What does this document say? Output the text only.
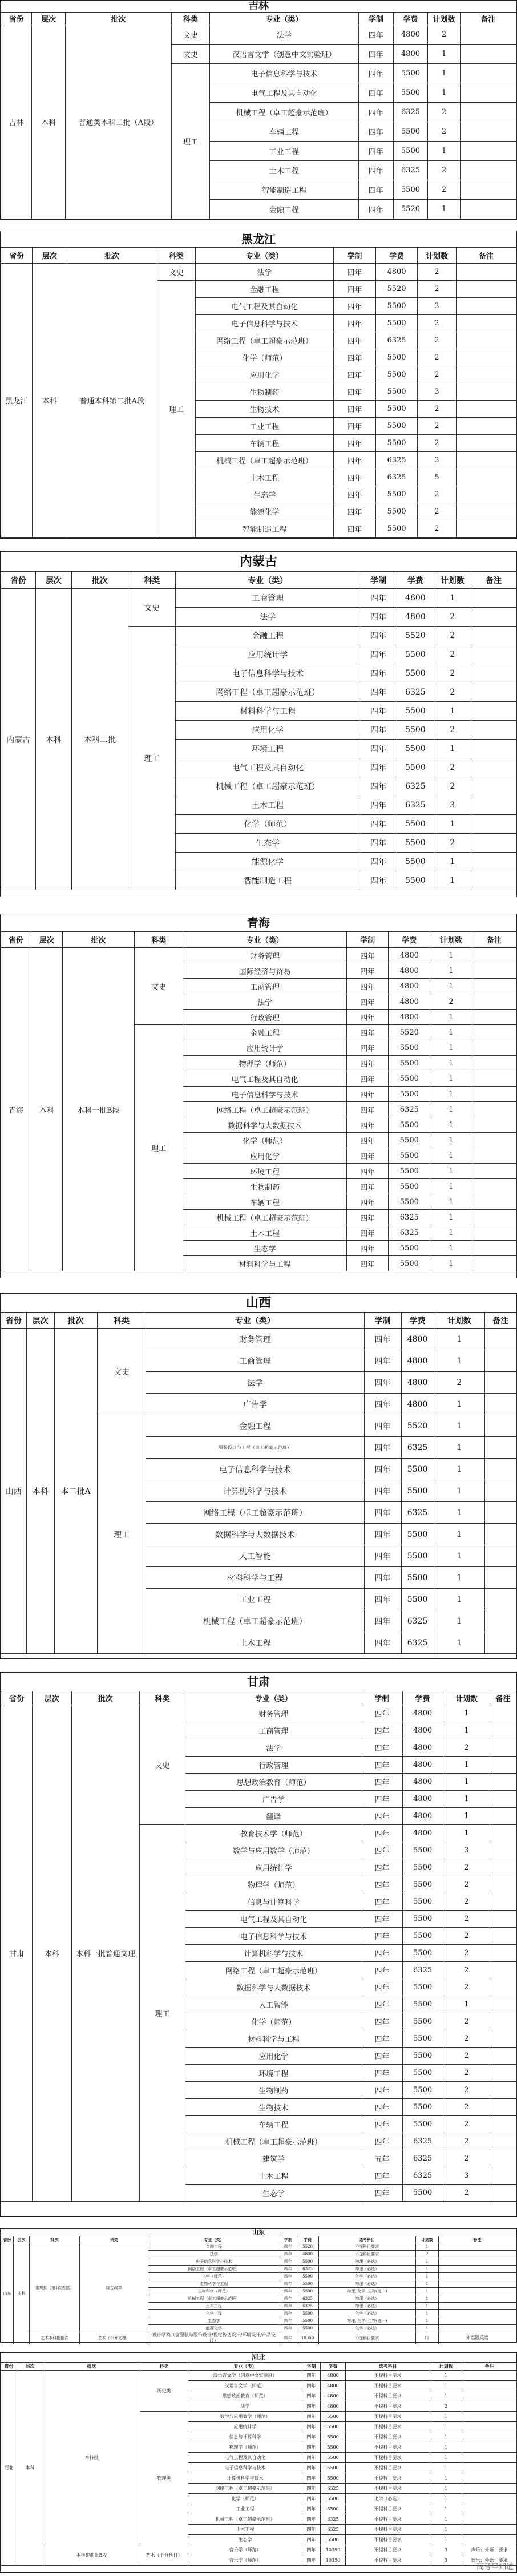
吉林
省份	层次	批次	科类	专业（类）	学制	学费	计划数	备注
吉林	本科	普通类本科二批（A段）	文史	法学	四年	4800	2	
			文史	汉语言文学（创意中文实验班）	四年	4800	1	
			理工	电子信息科学与技术	四年	5500	1	
				电气工程及其自动化	四年	5500	1	
				机械工程（卓工超豪示范班）	四年	6325	2	
				车辆工程	四年	5500	2	
				工业工程	四年	5500	1	
				土木工程	四年	6325	2	
				智能制造工程	四年	5500	2	
				金融工程	四年	5520	1	
黑龙江
省份	层次	批次	科类	专业（类）	学制	学费	计划数	备注
黑龙江	本科	普通本科第二批A段	文史	法学	四年	4800	2	
			理工	金融工程	四年	5520	2	
				电气工程及其自动化	四年	5500	3	
				电子信息科学与技术	四年	5500	2	
				网络工程（卓工超豪示范班）	四年	6325	2	
				化学（师范）	四年	5500	2	
				应用化学	四年	5500	2	
				生物制药	四年	5500	3	
				生物技术	四年	5500	2	
				工业工程	四年	5500	2	
				车辆工程	四年	5500	2	
				机械工程（卓工超豪示范班）	四年	6325	3	
				土木工程	四年	6325	5	
				生态学	四年	5500	2	
				能源化学	四年	5500	2	
				智能制造工程	四年	5500	2	
内蒙古
省份	层次	批次	科类	专业（类）	学制	学费	计划数	备注
内蒙古	本科	本科二批	文史	工商管理	四年	4800	1	
				法学	四年	4800	2	
			理工	金融工程	四年	5520	2	
				应用统计学	四年	5500	2	
				电子信息科学与技术	四年	5500	2	
				网络工程（卓工超豪示范班）	四年	6325	2	
				材料科学与工程	四年	5500	1	
				应用化学	四年	5500	2	
				环境工程	四年	5500	1	
				电气工程及其自动化	四年	5500	2	
				机械工程（卓工超豪示范班）	四年	6325	2	
				土木工程	四年	6325	3	
				化学（师范）	四年	5500	1	
				生态学	四年	5500	2	
				能源化学	四年	5500	1	
				智能制造工程	四年	5500	1	
青海
省份	层次	批次	科类	专业（类）	学制	学费	计划数	备注
青海	本科	本科一批B段	文史	财务管理	四年	4800	1	
				国际经济与贸易	四年	4800	1	
				工商管理	四年	4800	1	
				法学	四年	4800	2	
				行政管理	四年	4800	1	
			理工	金融工程	四年	5520	1	
				应用统计学	四年	5500	1	
				物理学（师范）	四年	5500	1	
				电气工程及其自动化	四年	5500	1	
				电子信息科学与技术	四年	5500	1	
				网络工程（卓工超豪示范班）	四年	6325	1	
				数据科学与大数据技术	四年	5500	1	
				化学（师范）	四年	5500	1	
				应用化学	四年	5500	1	
				环境工程	四年	5500	1	
				生物制药	四年	5500	1	
				车辆工程	四年	5500	1	
				机械工程（卓工超豪示范班）	四年	6325	1	
				土木工程	四年	6325	1	
				生态学	四年	5500	1	
				材料科学与工程	四年	5500	1	
山西
省份	层次	批次	科类	专业（类）	学制	学费	计划数	备注
山西	本科	本二批A	文史	财务管理	四年	4800	1	
				工商管理	四年	4800	1	
				法学	四年	4800	2	
				广告学	四年	4800	1	
			理工	金融工程	四年	5520	1	
				服装设计与工程（卓工超豪示范班）	四年	6325	1	
				电子信息科学与技术	四年	5500	1	
				计算机科学与技术	四年	5500	1	
				网络工程（卓工超豪示范班）	四年	6325	1	
				数据科学与大数据技术	四年	5500	1	
				人工智能	四年	5500	1	
				材料科学与工程	四年	5500	1	
				工业工程	四年	5500	1	
				机械工程（卓工超豪示范班）	四年	6325	1	
				土木工程	四年	6325	1	
甘肃
省份	层次	批次	科类	专业（类）	学制	学费	计划数	备注
甘肃	本科	本科一批普通文理	文史	财务管理	四年	4800	1	
				工商管理	四年	4800	1	
				法学	四年	4800	2	
				行政管理	四年	4800	1	
				思想政治教育（师范）	四年	4800	1	
				广告学	四年	4800	1	
				翻译	四年	4800	1	
			理工	教育技术学（师范）	四年	4800	1	
				数学与应用数学（师范）	四年	5500	3	
				应用统计学	四年	5500	2	
				物理学（师范）	四年	5500	2	
				信息与计算科学	四年	5500	2	
				电气工程及其自动化	四年	5500	2	
				电子信息科学与技术	四年	5500	2	
				计算机科学与技术	四年	5500	2	
				网络工程（卓工超豪示范班）	四年	6325	2	
				数据科学与大数据技术	四年	5500	2	
				人工智能	四年	5500	1	
				化学（师范）	四年	5500	2	
				材料科学与工程	四年	5500	2	
				应用化学	四年	5500	2	
				环境工程	四年	5500	2	
				生物制药	四年	5500	2	
				生物技术	四年	5500	2	
				车辆工程	四年	5500	2	
				机械工程（卓工超豪示范班）	四年	6325	2	
				建筑学	五年	6325	2	
				土木工程	四年	6325	3	
				生态学	四年	5500	2	
山东
省份	层次	批次	科类	专业（类）	学制	学费	选考科目	计划数	备注
山东	本科	常规批（第1次志愿）	综合改革	金融工程	四年	5520	不提科目要求	1	
				法学	四年	4800	不提科目要求	2	
				电子信息科学与技术	四年	5500	物理（必选）	1	
				网络工程（卓工超豪示范班）	四年	6325	物理（必选）	1	
				化学（师范）	四年	5500	化学（必选）	1	
				生物科学与工程	四年	5500	物理（必选）	1	
				生物科学（师范）	四年	5500	物理, 化学, 生物(选一)	1	
				机械工程（卓工超豪示范班）	四年	6325	物理（必选）	1	
				土木工程	四年	6325	物理（必选）	1	
				化学工程	四年	5500	化学（必选）	1	
				生态学	四年	5500	物理, 化学, 生物(选一)	1	
				能源化学	四年	5500	化学（必选）	1	
		艺术本科批批次	艺术（不分文理）	设计学类（含服装与服饰设计/视觉传达设计/环境设计/产品设计）	四年	10350	不提科目要求	12	外语限英语
河北
省份	层次	批次	科类	专业（类）	学制	学费	选考科目	计划数	备注
河北	本科	本科批	历史类	汉语言文学（创意中文实验班）	四年	4800	不提科目要求	1	
				汉语言文学（师范）	四年	4800	不提科目要求	1	
				思想政治教育（师范）	四年	4800	不提科目要求	1	
				法学	四年	4800	不提科目要求	2	
			物理类	数学与应用数学（师范）	四年	5500	不提科目要求	1	
				应用统计学	四年	5500	不提科目要求	1	
				信息与计算科学	四年	5500	不提科目要求	1	
				物理学（师范）	四年	5500	不提科目要求	1	
				电气工程及其自动化	四年	5500	不提科目要求	1	
				电子信息科学与技术	四年	5500	不提科目要求	1	
				计算机科学与技术	四年	5500	不提科目要求	1	
				网络工程（卓工超豪示范班）	四年	6325	不提科目要求	1	
				化学（师范）	四年	5500	化学（必选）	1	
				工业工程	四年	5500	不提科目要求	1	
				机械工程（卓工超豪示范班）	四年	6325	不提科目要求	1	
				土木工程	四年	6325	不提科目要求	1	
				生态学	四年	5500	不提科目要求	1	
		本科提前批B段	艺术（不分科目）	音乐学（师范）	四年	10350	不提科目要求	3	声乐；外语：要求
				音乐学（师范）	四年	10350	不提科目要求	3	器乐；外语：要求
高考早知道
